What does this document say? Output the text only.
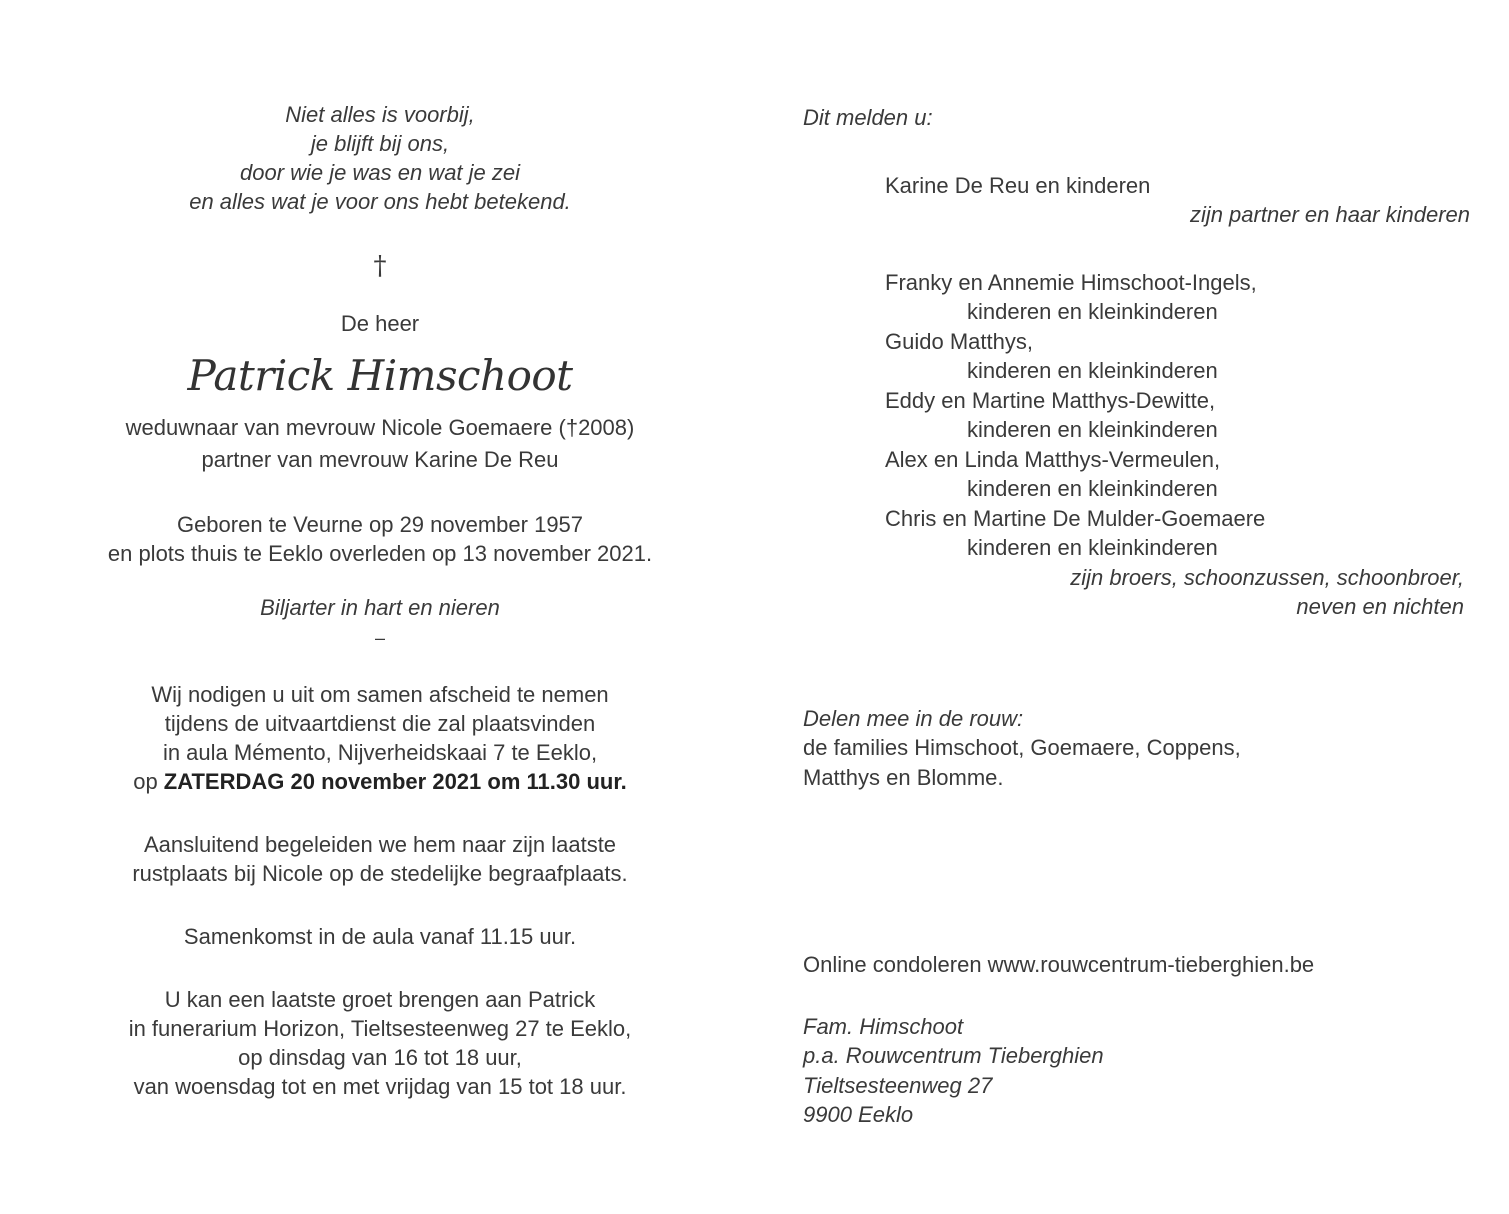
Niet alles is voorbij,
je blijft bij ons,
door wie je was en wat je zei
en alles wat je voor ons hebt betekend.
†
De heer
Patrick Himschoot
weduwnaar van mevrouw Nicole Goemaere (†2008)
partner van mevrouw Karine De Reu
Geboren te Veurne op 29 november 1957
en plots thuis te Eeklo overleden op 13 november 2021.
Biljarter in hart en nieren
–
Wij nodigen u uit om samen afscheid te nemen
tijdens de uitvaartdienst die zal plaatsvinden
in aula Mémento, Nijverheidskaai 7 te Eeklo,
op ZATERDAG 20 november 2021 om 11.30 uur.
Aansluitend begeleiden we hem naar zijn laatste
rustplaats bij Nicole op de stedelijke begraafplaats.
Samenkomst in de aula vanaf 11.15 uur.
U kan een laatste groet brengen aan Patrick
in funerarium Horizon, Tieltsesteenweg 27 te Eeklo,
op dinsdag van 16 tot 18 uur,
van woensdag tot en met vrijdag van 15 tot 18 uur.
Dit melden u:
Karine De Reu en kinderen
zijn partner en haar kinderen
Franky en Annemie Himschoot-Ingels,
kinderen en kleinkinderen
Guido Matthys,
kinderen en kleinkinderen
Eddy en Martine Matthys-Dewitte,
kinderen en kleinkinderen
Alex en Linda Matthys-Vermeulen,
kinderen en kleinkinderen
Chris en Martine De Mulder-Goemaere
kinderen en kleinkinderen
zijn broers, schoonzussen, schoonbroer,
neven en nichten
Delen mee in de rouw:
de families Himschoot, Goemaere, Coppens,
Matthys en Blomme.
Online condoleren www.rouwcentrum-tieberghien.be
Fam. Himschoot
p.a. Rouwcentrum Tieberghien
Tieltsesteenweg 27
9900 Eeklo
